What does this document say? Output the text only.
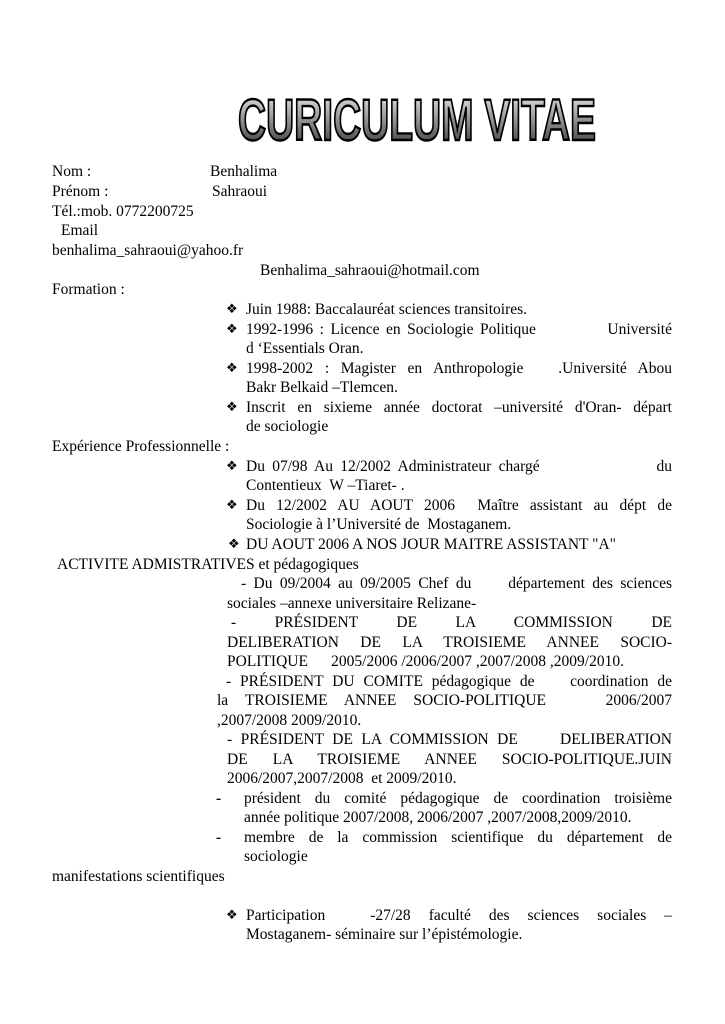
CURICULUM VITAE
Nom :	Benhalima
Prénom :	Sahraoui
Tél.:mob. 0772200725
Email
benhalima_sahraoui@yahoo.fr
Benhalima_sahraoui@hotmail.com
Formation :
❖ Juin 1988: Baccalauréat sciences transitoires.
❖ 1992-1996 : Licence en Sociologie Politique           Université
d ‘Essentials Oran.
❖ 1998-2002 : Magister en Anthropologie   .Université Abou
Bakr Belkaid –Tlemcen.
❖ Inscrit en sixieme année doctorat –université d'Oran- départ
de sociologie
Expérience Professionnelle :
❖ Du 07/98 Au 12/2002 Administrateur chargé                du
Contentieux  W –Tiaret- .
❖ Du 12/2002 AU AOUT 2006  Maître assistant au dépt de
Sociologie à l’Université de  Mostaganem.
❖ DU AOUT 2006 A NOS JOUR MAITRE ASSISTANT "A"
ACTIVITE ADMISTRATIVES et pédagogiques
- Du 09/2004 au 09/2005 Chef du     département des sciences
sociales –annexe universitaire Relizane-
-     PRÉSIDENT     DE     LA     COMMISSION     DE
DELIBERATION DE LA TROISIEME ANNEE SOCIO-
POLITIQUE      2005/2006 /2006/2007 ,2007/2008 ,2009/2010.
- PRÉSIDENT DU COMITE pédagogique de    coordination de
la  TROISIEME  ANNEE  SOCIO-POLITIQUE       2006/2007
,2007/2008 2009/2010.
- PRÉSIDENT DE LA COMMISSION DE     DELIBERATION
DE  LA  TROISIEME  ANNEE  SOCIO-POLITIQUE.JUIN
2006/2007,2007/2008  et 2009/2010.
- président du comité pédagogique de coordination troisième
année politique 2007/2008, 2006/2007 ,2007/2008,2009/2010.
- membre de la commission scientifique du département de
sociologie
manifestations scientifiques
❖ Participation     -27/28  faculté  des  sciences  sociales  –
Mostaganem- séminaire sur l’épistémologie.
